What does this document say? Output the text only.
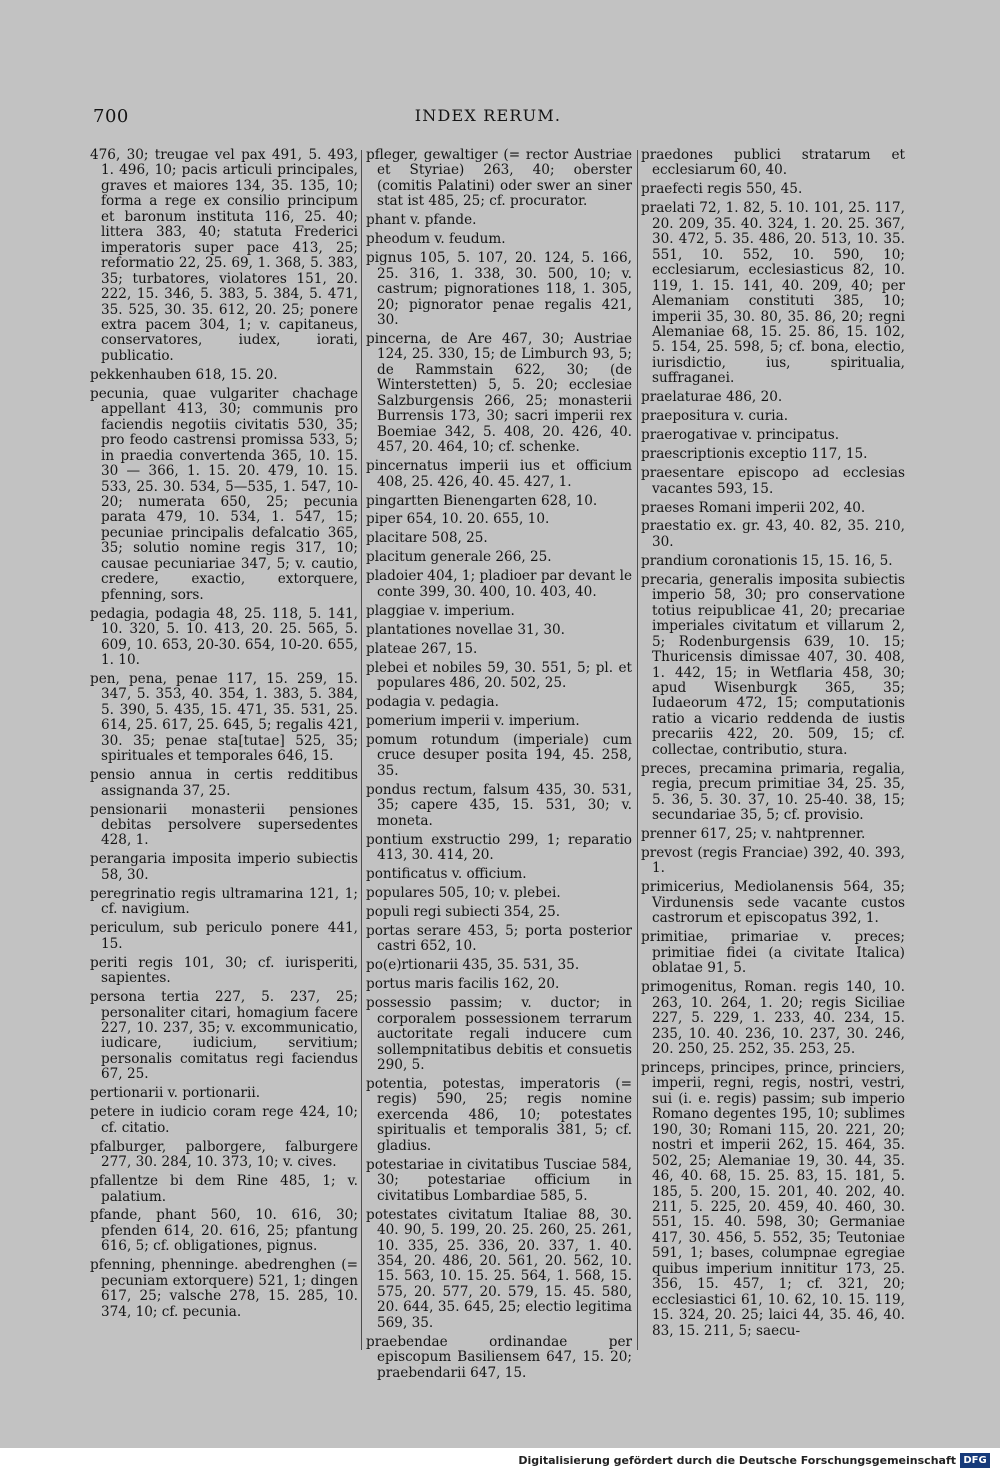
700	INDEX RERUM.

476, 30; treugae vel pax 491, 5. 493, 1. 496, 10; pacis articuli principales, graves et maiores 134, 35. 135, 10; forma a rege ex consilio principum et baronum instituta 116, 25. 40; littera 383, 40; statuta Frederici imperatoris super pace 413, 25; reformatio 22, 25. 69, 1. 368, 5. 383, 35; turbatores, violatores 151, 20. 222, 15. 346, 5. 383, 5. 384, 5. 471, 35. 525, 30. 35. 612, 20. 25; ponere extra pacem 304, 1; v. capitaneus, conservatores, iudex, iorati, publicatio.

pekkenhauben 618, 15. 20.

pecunia, quae vulgariter chachage appellant 413, 30; communis pro faciendis negotiis civitatis 530, 35; pro feodo castrensi promissa 533, 5; in praedia convertenda 365, 10. 15. 30 — 366, 1. 15. 20. 479, 10. 15. 533, 25. 30. 534, 5—535, 1. 547, 10-20; numerata 650, 25; pecunia parata 479, 10. 534, 1. 547, 15; pecuniae principalis defalcatio 365, 35; solutio nomine regis 317, 10; causae pecuniariae 347, 5; v. cautio, credere, exactio, extorquere, pfenning, sors.

pedagia, podagia 48, 25. 118, 5. 141, 10. 320, 5. 10. 413, 20. 25. 565, 5. 609, 10. 653, 20-30. 654, 10-20. 655, 1. 10.

pen, pena, penae 117, 15. 259, 15. 347, 5. 353, 40. 354, 1. 383, 5. 384, 5. 390, 5. 435, 15. 471, 35. 531, 25. 614, 25. 617, 25. 645, 5; regalis 421, 30. 35; penae sta[tutae] 525, 35; spirituales et temporales 646, 15.

pensio annua in certis redditibus assignanda 37, 25.

pensionarii monasterii pensiones debitas persolvere supersedentes 428, 1.

perangaria imposita imperio subiectis 58, 30.

peregrinatio regis ultramarina 121, 1; cf. navigium.

periculum, sub periculo ponere 441, 15.

periti regis 101, 30; cf. iurisperiti, sapientes.

persona tertia 227, 5. 237, 25; personaliter citari, homagium facere 227, 10. 237, 35; v. excommunicatio, iudicare, iudicium, servitium; personalis comitatus regi faciendus 67, 25.

pertionarii v. portionarii.

petere in iudicio coram rege 424, 10; cf. citatio.

pfalburger, palborgere, falburgere 277, 30. 284, 10. 373, 10; v. cives.

pfallentze bi dem Rine 485, 1; v. palatium.

pfande, phant 560, 10. 616, 30; pfenden 614, 20. 616, 25; pfantung 616, 5; cf. obligationes, pignus.

pfenning, phenninge. abedrenghen (= pecuniam extorquere) 521, 1; dingen 617, 25; valsche 278, 15. 285, 10. 374, 10; cf. pecunia.

pfleger, gewaltiger (= rector Austriae et Styriae) 263, 40; oberster (comitis Palatini) oder swer an siner stat ist 485, 25; cf. procurator.

phant v. pfande.

pheodum v. feudum.

pignus 105, 5. 107, 20. 124, 5. 166, 25. 316, 1. 338, 30. 500, 10; v. castrum; pignorationes 118, 1. 305, 20; pignorator penae regalis 421, 30.

pincerna, de Are 467, 30; Austriae 124, 25. 330, 15; de Limburch 93, 5; de Rammstain 622, 30; (de Winterstetten) 5, 5. 20; ecclesiae Salzburgensis 266, 25; monasterii Burrensis 173, 30; sacri imperii rex Boemiae 342, 5. 408, 20. 426, 40. 457, 20. 464, 10; cf. schenke.

pincernatus imperii ius et officium 408, 25. 426, 40. 45. 427, 1.

pingartten Bienengarten 628, 10.

piper 654, 10. 20. 655, 10.

placitare 508, 25.

placitum generale 266, 25.

pladoier 404, 1; pladioer par devant le conte 399, 30. 400, 10. 403, 40.

plaggiae v. imperium.

plantationes novellae 31, 30.

plateae 267, 15.

plebei et nobiles 59, 30. 551, 5; pl. et populares 486, 20. 502, 25.

podagia v. pedagia.

pomerium imperii v. imperium.

pomum rotundum (imperiale) cum cruce desuper posita 194, 45. 258, 35.

pondus rectum, falsum 435, 30. 531, 35; capere 435, 15. 531, 30; v. moneta.

pontium exstructio 299, 1; reparatio 413, 30. 414, 20.

pontificatus v. officium.

populares 505, 10; v. plebei.

populi regi subiecti 354, 25.

portas serare 453, 5; porta posterior castri 652, 10.

po(e)rtionarii 435, 35. 531, 35.

portus maris facilis 162, 20.

possessio passim; v. ductor; in corporalem possessionem terrarum auctoritate regali inducere cum sollempnitatibus debitis et consuetis 290, 5.

potentia, potestas, imperatoris (= regis) 590, 25; regis nomine exercenda 486, 10; potestates spiritualis et temporalis 381, 5; cf. gladius.

potestariae in civitatibus Tusciae 584, 30; potestariae officium in civitatibus Lombardiae 585, 5.

potestates civitatum Italiae 88, 30. 40. 90, 5. 199, 20. 25. 260, 25. 261, 10. 335, 25. 336, 20. 337, 1. 40. 354, 20. 486, 20. 561, 20. 562, 10. 15. 563, 10. 15. 25. 564, 1. 568, 15. 575, 20. 577, 20. 579, 15. 45. 580, 20. 644, 35. 645, 25; electio legitima 569, 35.

praebendae ordinandae per episcopum Basiliensem 647, 15. 20; praebendarii 647, 15.

praedones publici stratarum et ecclesiarum 60, 40.

praefecti regis 550, 45.

praelati 72, 1. 82, 5. 10. 101, 25. 117, 20. 209, 35. 40. 324, 1. 20. 25. 367, 30. 472, 5. 35. 486, 20. 513, 10. 35. 551, 10. 552, 10. 590, 10; ecclesiarum, ecclesiasticus 82, 10. 119, 1. 15. 141, 40. 209, 40; per Alemaniam constituti 385, 10; imperii 35, 30. 80, 35. 86, 20; regni Alemaniae 68, 15. 25. 86, 15. 102, 5. 154, 25. 598, 5; cf. bona, electio, iurisdictio, ius, spiritualia, suffraganei.

praelaturae 486, 20.

praepositura v. curia.

praerogativae v. principatus.

praescriptionis exceptio 117, 15.

praesentare episcopo ad ecclesias vacantes 593, 15.

praeses Romani imperii 202, 40.

praestatio ex. gr. 43, 40. 82, 35. 210, 30.

prandium coronationis 15, 15. 16, 5.

precaria, generalis imposita subiectis imperio 58, 30; pro conservatione totius reipublicae 41, 20; precariae imperiales civitatum et villarum 2, 5; Rodenburgensis 639, 10. 15; Thuricensis dimissae 407, 30. 408, 1. 442, 15; in Wetflaria 458, 30; apud Wisenburgk 365, 35; Iudaeorum 472, 15; computationis ratio a vicario reddenda de iustis precariis 422, 20. 509, 15; cf. collectae, contributio, stura.

preces, precamina primaria, regalia, regia, precum primitiae 34, 25. 35, 5. 36, 5. 30. 37, 10. 25-40. 38, 15; secundariae 35, 5; cf. provisio.

prenner 617, 25; v. nahtprenner.

prevost (regis Franciae) 392, 40. 393, 1.

primicerius, Mediolanensis 564, 35; Virdunensis sede vacante custos castrorum et episcopatus 392, 1.

primitiae, primariae v. preces; primitiae fidei (a civitate Italica) oblatae 91, 5.

primogenitus, Roman. regis 140, 10. 263, 10. 264, 1. 20; regis Siciliae 227, 5. 229, 1. 233, 40. 234, 15. 235, 10. 40. 236, 10. 237, 30. 246, 20. 250, 25. 252, 35. 253, 25.

princeps, principes, prince, princiers, imperii, regni, regis, nostri, vestri, sui (i. e. regis) passim; sub imperio Romano degentes 195, 10; sublimes 190, 30; Romani 115, 20. 221, 20; nostri et imperii 262, 15. 464, 35. 502, 25; Alemaniae 19, 30. 44, 35. 46, 40. 68, 15. 25. 83, 15. 181, 5. 185, 5. 200, 15. 201, 40. 202, 40. 211, 5. 225, 20. 459, 40. 460, 30. 551, 15. 40. 598, 30; Germaniae 417, 30. 456, 5. 552, 35; Teutoniae 591, 1; bases, columpnae egregiae quibus imperium innititur 173, 25. 356, 15. 457, 1; cf. 321, 20; ecclesiastici 61, 10. 62, 10. 15. 119, 15. 324, 20. 25; laici 44, 35. 46, 40. 83, 15. 211, 5; saecu-

Digitalisierung gefördert durch die Deutsche Forschungsgemeinschaft DFG
